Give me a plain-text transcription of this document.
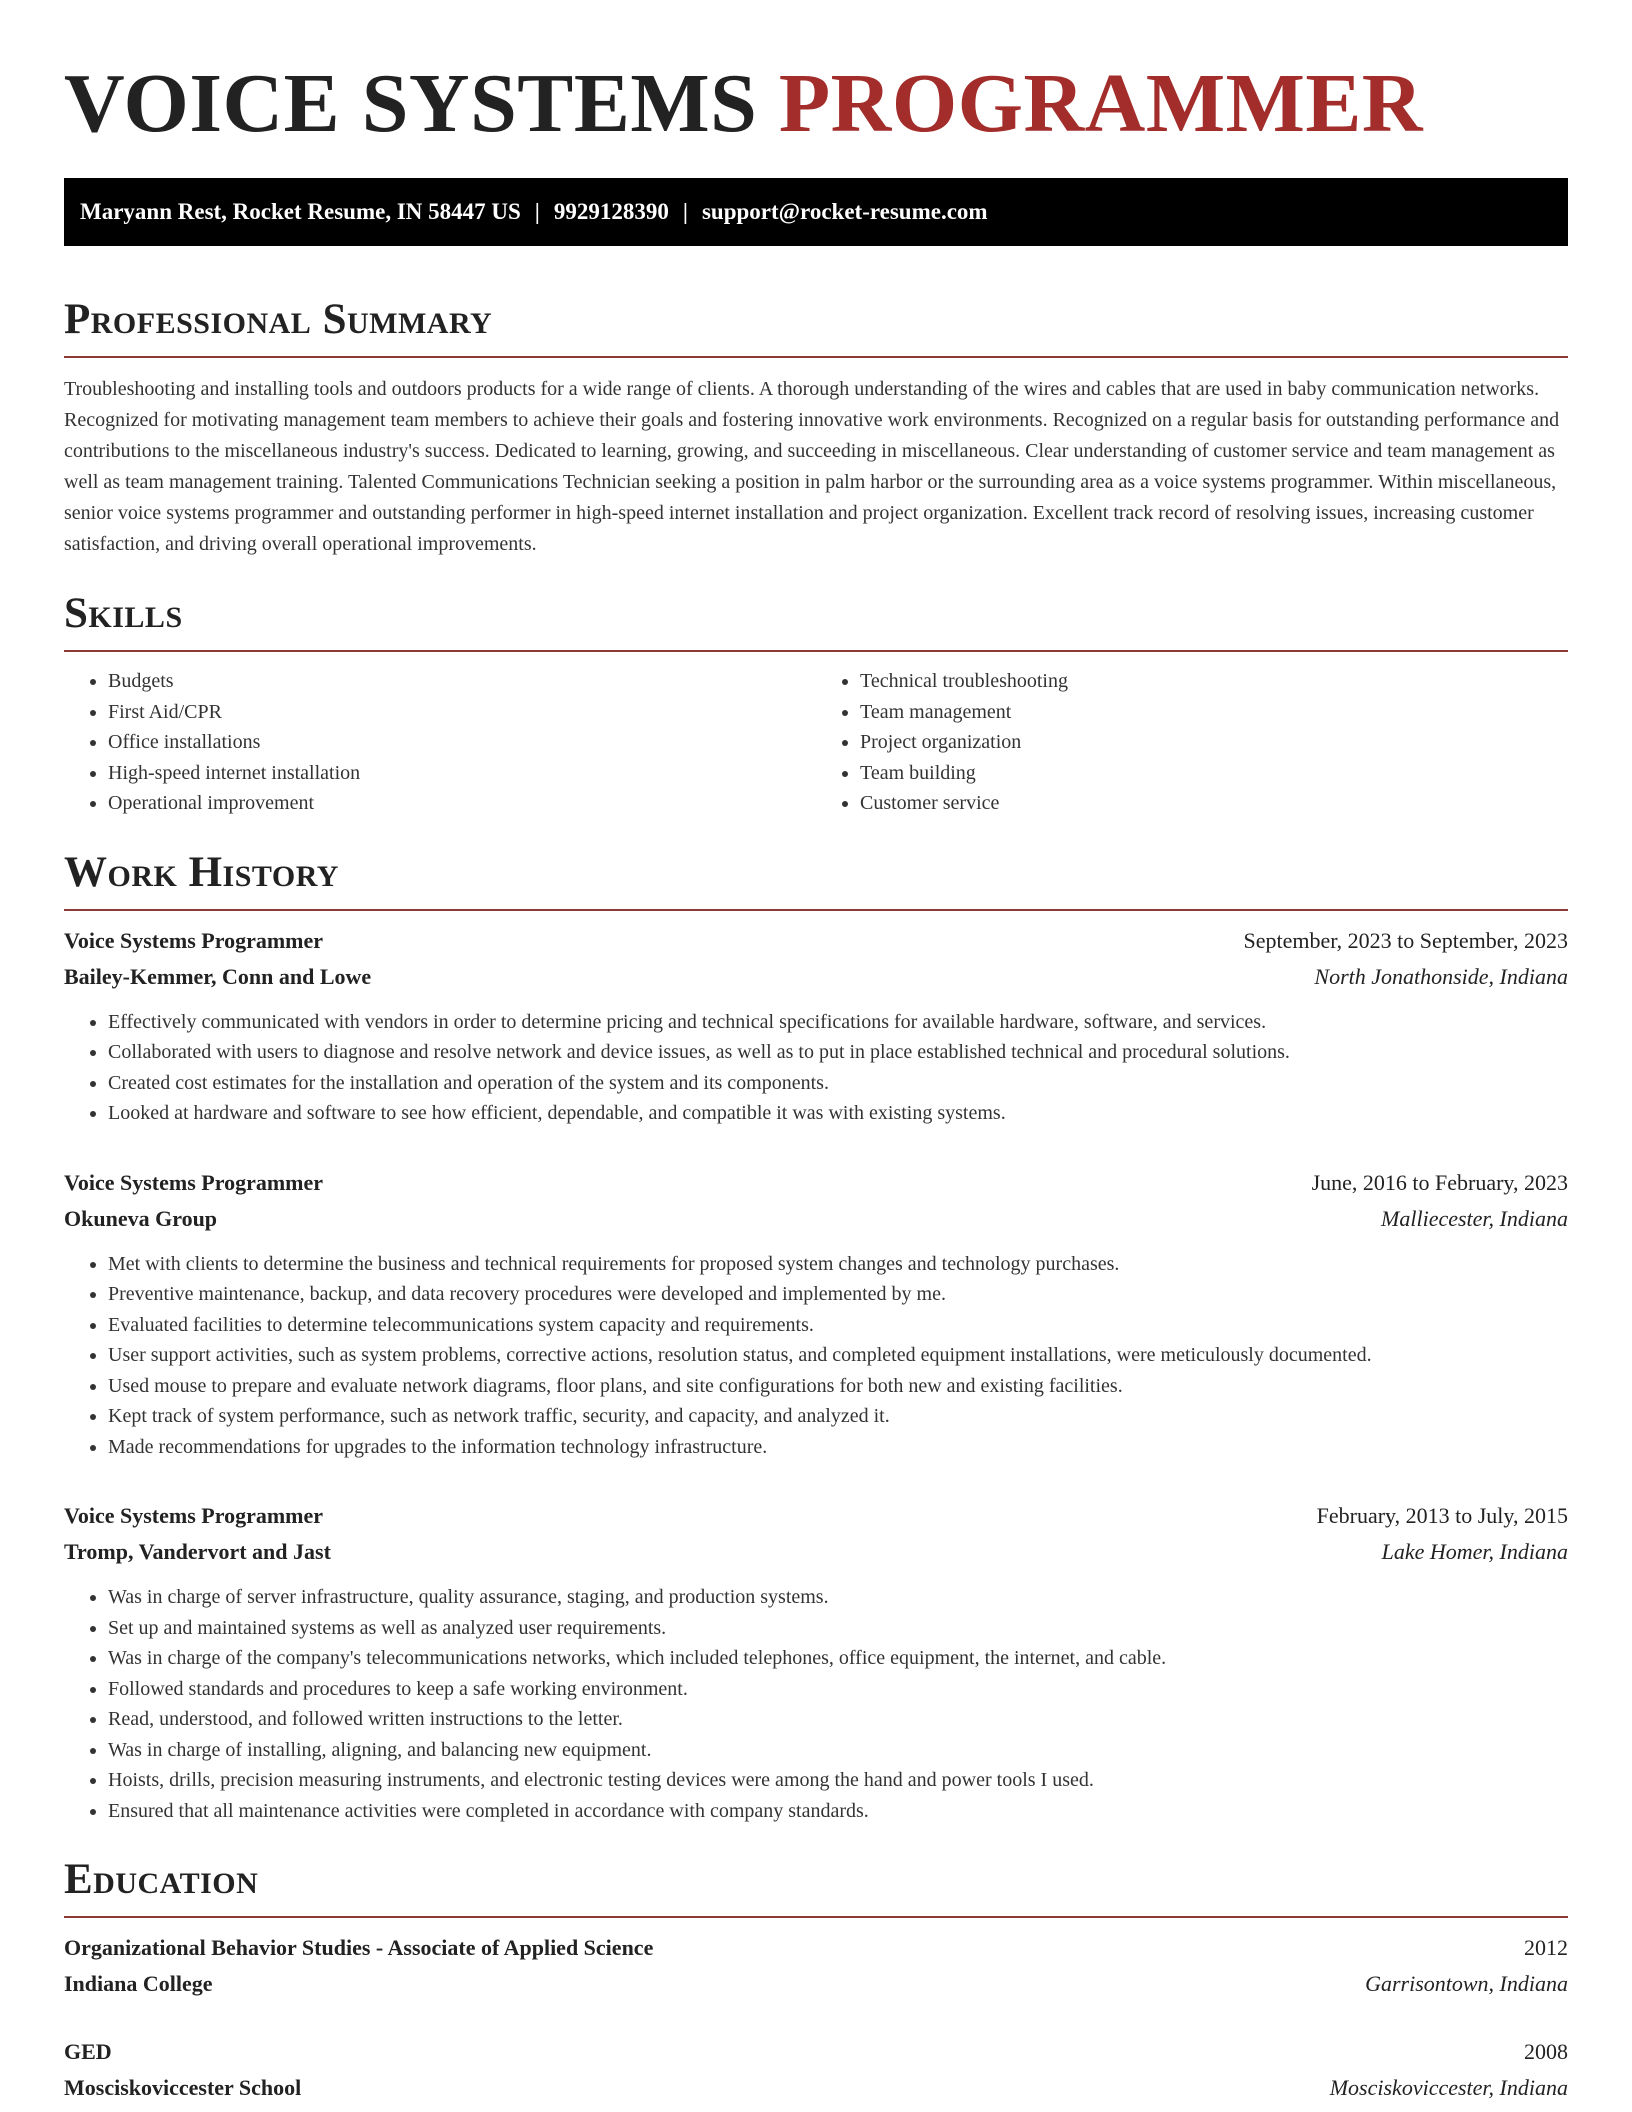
VOICE SYSTEMS PROGRAMMER
Maryann Rest, Rocket Resume, IN 58447 US | 9929128390 | support@rocket-resume.com
Professional Summary

Troubleshooting and installing tools and outdoors products for a wide range of clients. A thorough understanding of the wires and cables that are used in baby communication networks. Recognized for motivating management team members to achieve their goals and fostering innovative work environments. Recognized on a regular basis for outstanding performance and contributions to the miscellaneous industry's success. Dedicated to learning, growing, and succeeding in miscellaneous. Clear understanding of customer service and team management as well as team management training. Talented Communications Technician seeking a position in palm harbor or the surrounding area as a voice systems programmer. Within miscellaneous, senior voice systems programmer and outstanding performer in high-speed internet installation and project organization. Excellent track record of resolving issues, increasing customer satisfaction, and driving overall operational improvements.

Skills
• Budgets
• First Aid/CPR
• Office installations
• High-speed internet installation
• Operational improvement
• Technical troubleshooting
• Team management
• Project organization
• Team building
• Customer service
Work History
Voice Systems Programmer	September, 2023 to September, 2023
Bailey-Kemmer, Conn and Lowe	North Jonathonside, Indiana
• Effectively communicated with vendors in order to determine pricing and technical specifications for available hardware, software, and services.
• Collaborated with users to diagnose and resolve network and device issues, as well as to put in place established technical and procedural solutions.
• Created cost estimates for the installation and operation of the system and its components.
• Looked at hardware and software to see how efficient, dependable, and compatible it was with existing systems.
Voice Systems Programmer	June, 2016 to February, 2023
Okuneva Group	Malliecester, Indiana
• Met with clients to determine the business and technical requirements for proposed system changes and technology purchases.
• Preventive maintenance, backup, and data recovery procedures were developed and implemented by me.
• Evaluated facilities to determine telecommunications system capacity and requirements.
• User support activities, such as system problems, corrective actions, resolution status, and completed equipment installations, were meticulously documented.
• Used mouse to prepare and evaluate network diagrams, floor plans, and site configurations for both new and existing facilities.
• Kept track of system performance, such as network traffic, security, and capacity, and analyzed it.
• Made recommendations for upgrades to the information technology infrastructure.
Voice Systems Programmer	February, 2013 to July, 2015
Tromp, Vandervort and Jast	Lake Homer, Indiana
• Was in charge of server infrastructure, quality assurance, staging, and production systems.
• Set up and maintained systems as well as analyzed user requirements.
• Was in charge of the company's telecommunications networks, which included telephones, office equipment, the internet, and cable.
• Followed standards and procedures to keep a safe working environment.
• Read, understood, and followed written instructions to the letter.
• Was in charge of installing, aligning, and balancing new equipment.
• Hoists, drills, precision measuring instruments, and electronic testing devices were among the hand and power tools I used.
• Ensured that all maintenance activities were completed in accordance with company standards.
Education
Organizational Behavior Studies - Associate of Applied Science	2012
Indiana College	Garrisontown, Indiana
GED	2008
Mosciskoviccester School	Mosciskoviccester, Indiana
